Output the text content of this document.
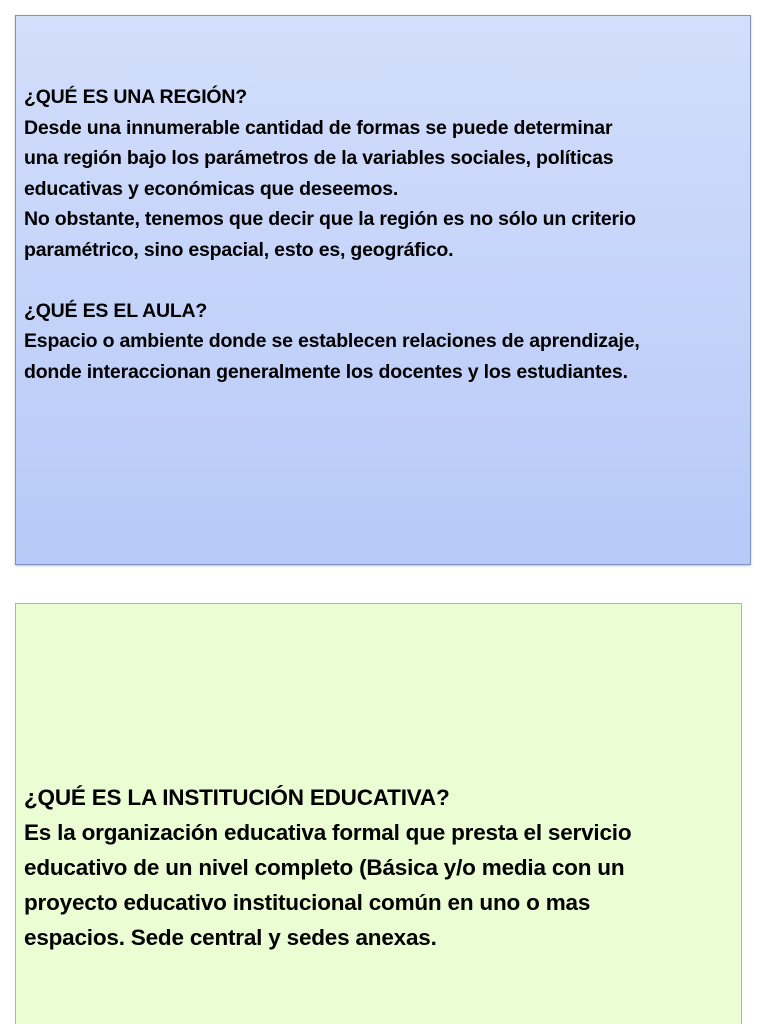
¿QUÉ ES UNA REGIÓN?
Desde una innumerable cantidad de formas se puede determinar
una región bajo los parámetros de la variables sociales, políticas
educativas y económicas que deseemos.
No obstante, tenemos que decir que la región es no sólo un criterio
paramétrico, sino espacial, esto es, geográfico.
¿QUÉ ES EL AULA?
Espacio o ambiente donde se establecen relaciones de aprendizaje,
donde interaccionan generalmente los docentes y los estudiantes.
¿QUÉ ES LA INSTITUCIÓN EDUCATIVA?
Es la organización educativa formal que presta el servicio
educativo de un nivel completo (Básica y/o media con un
proyecto educativo institucional común en uno o mas
espacios. Sede central y sedes anexas.
